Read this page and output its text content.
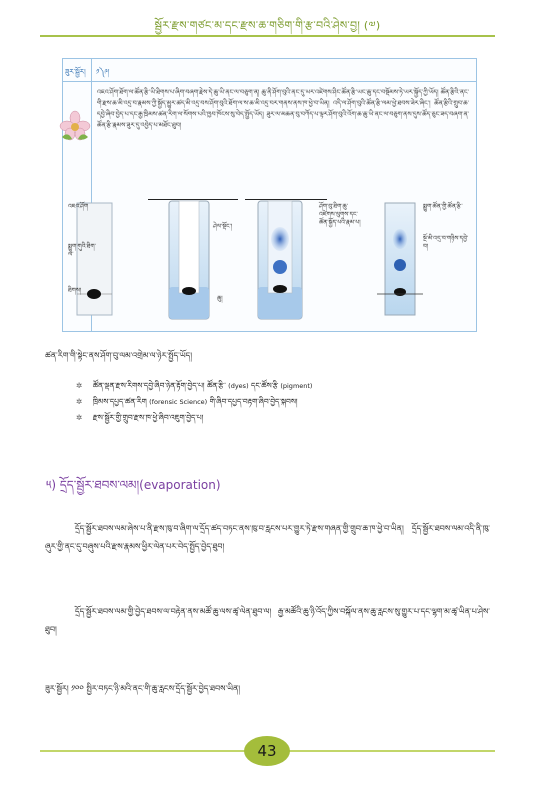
སྦྱོར་རྫས་གཙང་མ་དང་རྫས་ཆ་གཅིག་གི་རྩ་བའི་ཤེས་བྱ། (༧)
ཟུར་སྦྱོར། ༡༽༩།
འཇའ་ཤོག་ཐོག་ལ་ཚོན་རྩི་ཡི་ཐིགས་པ་ཞིག་བཞག་རྗེས་དེ་ཆུ་ཡི་ནང་ལ་བཅུག་ན། ཆུ་ནི་ཤོག་བུའི་ནང་དུ་ཡར་འཛེགས་ཤིང་ཚོན་རྩི་ཡང་ཆུ་དང་བསྡོམས་ཏེ་ཡར་སྐྱོད་ཀྱི་ཡོད། ཚོན་རྩིའི་ནང་གི་རྫས་ཆ་མི་འདྲ་བ་རྣམས་ཀྱི་སྐྱོད་མྱུར་ཚད་མི་འདྲ་བས་ཤོག་བུའི་ཐོག་ལ་ས་ཆ་མི་འདྲ་བར་གནས་ནས་ཁ་ཕྱེ་བ་ཡིན། འདི་ལ་ཤོག་བུའི་ཚོན་རྩི་ལམ་ཕྱེ་ཐབས་ཟེར་ཞིང་། ཚོན་རྩིའི་གྲུབ་ཆ་དབྱེ་ཞིབ་བྱེད་པ་དང་རྒྱ་ཁྲིམས་ཚན་རིག་ལ་སོགས་པའི་ཁྱབ་ཁོངས་སུ་བེད་སྤྱོད་ཡོད། ཟུར་ལ་མཆན་བུ་བཀོད་པ་ལྟར་ཤོག་བུའི་འོག་ཆ་ཆུ་ཡི་ནང་ལ་བཅུག་ནས་དུས་ཚོད་ཅུང་ཟད་བཞག་ན་ཚོན་རྩི་རྣམས་ཟུར་དུ་འབྱེད་པ་མཐོང་ཐུབ།
འཇའ་ཤོག
སྨྱུག་གུའི་ཐིག་ལ་
ཐིགས།
ཤེལ་སྡོང་།
ཆུ།
ཤོག་བུ་ཐིག་ཆུ་འཛེགས་ལུགས་དང་ཚོན་སྐྱོད་པའི་རྣམ་པ།
སྨྱུག་ཚོན་གྱི་ཚོན་རྩི་
སྔོ་མི་འདྲ་བ་གཉིས་དབྱེ་བ།
ཚན་རིག་གི་སྟེང་ནས་ཤོག་བུ་ལམ་འགྲེམ་ལ་ཉེར་སྤྱོད་ཡོད།
✲ ཚོན་ལྡན་རྫས་རིགས་དབྱེ་ཞིབ་ཉེན་རྟོག་བྱེད་པ། ཚོན་རྩི་ (dyes) དང་ཚོས་རྩི (pigment)
✲ ཁྲིམས་དཔྱད་ཚན་རིག (forensic Science) གི་ཞིབ་དཔྱད་བརྟག་ཞིབ་བྱེད་སྐབས།
✲ རྫས་སྦྱོར་གྱི་གྲུབ་རྫས་ཁ་ཕྱེ་ཞིབ་འཇུག་བྱེད་པ།
༥) དྲོད་སྦྱོར་ཐབས་ལམ།(evaporation)
དྲོད་སྦྱོར་ཐབས་ལམ་ཞེས་པ་ནི་རྫས་ཁུ་བ་ཞིག་ལ་དྲོད་ཚད་བཏང་ནས་ཁུ་བ་རླངས་པར་གྱུར་ཏེ་རྫས་གཞན་གྱི་གྲུབ་ཆ་ཁ་ཕྱེ་བ་ཡིན། དྲོད་སྦྱོར་ཐབས་ལམ་འདི་ནི་ཁུ་ཞུར་གྱི་ནང་དུ་བཞུས་པའི་རྫས་རྣམས་ཕྱིར་ལེན་པར་བེད་སྤྱོད་བྱེད་ཐུབ།
དྲོད་སྦྱོར་ཐབས་ལམ་གྱི་བྱེད་ཐབས་ལ་བརྟེན་ནས་མཚོ་ཆུ་ལས་ཚྭ་ལེན་ཐུབ་ལ། རྒྱ་མཚོའི་ཆུ་ཉི་འོད་ཀྱིས་བསྐོལ་ནས་ཆུ་རླངས་སུ་གྱུར་པ་དང་ལྷག་མ་ཚྭ་ཡིན་པ་ཤེས་ཐུབ།
ཟུར་སྦྱོར། ༡༠༠ སྤྱིར་བཏང་ཉི་མའི་ནང་གི་ཆུ་རླངས་དྲོད་སྦྱོར་བྱེད་ཐབས་ཡིན།
43
